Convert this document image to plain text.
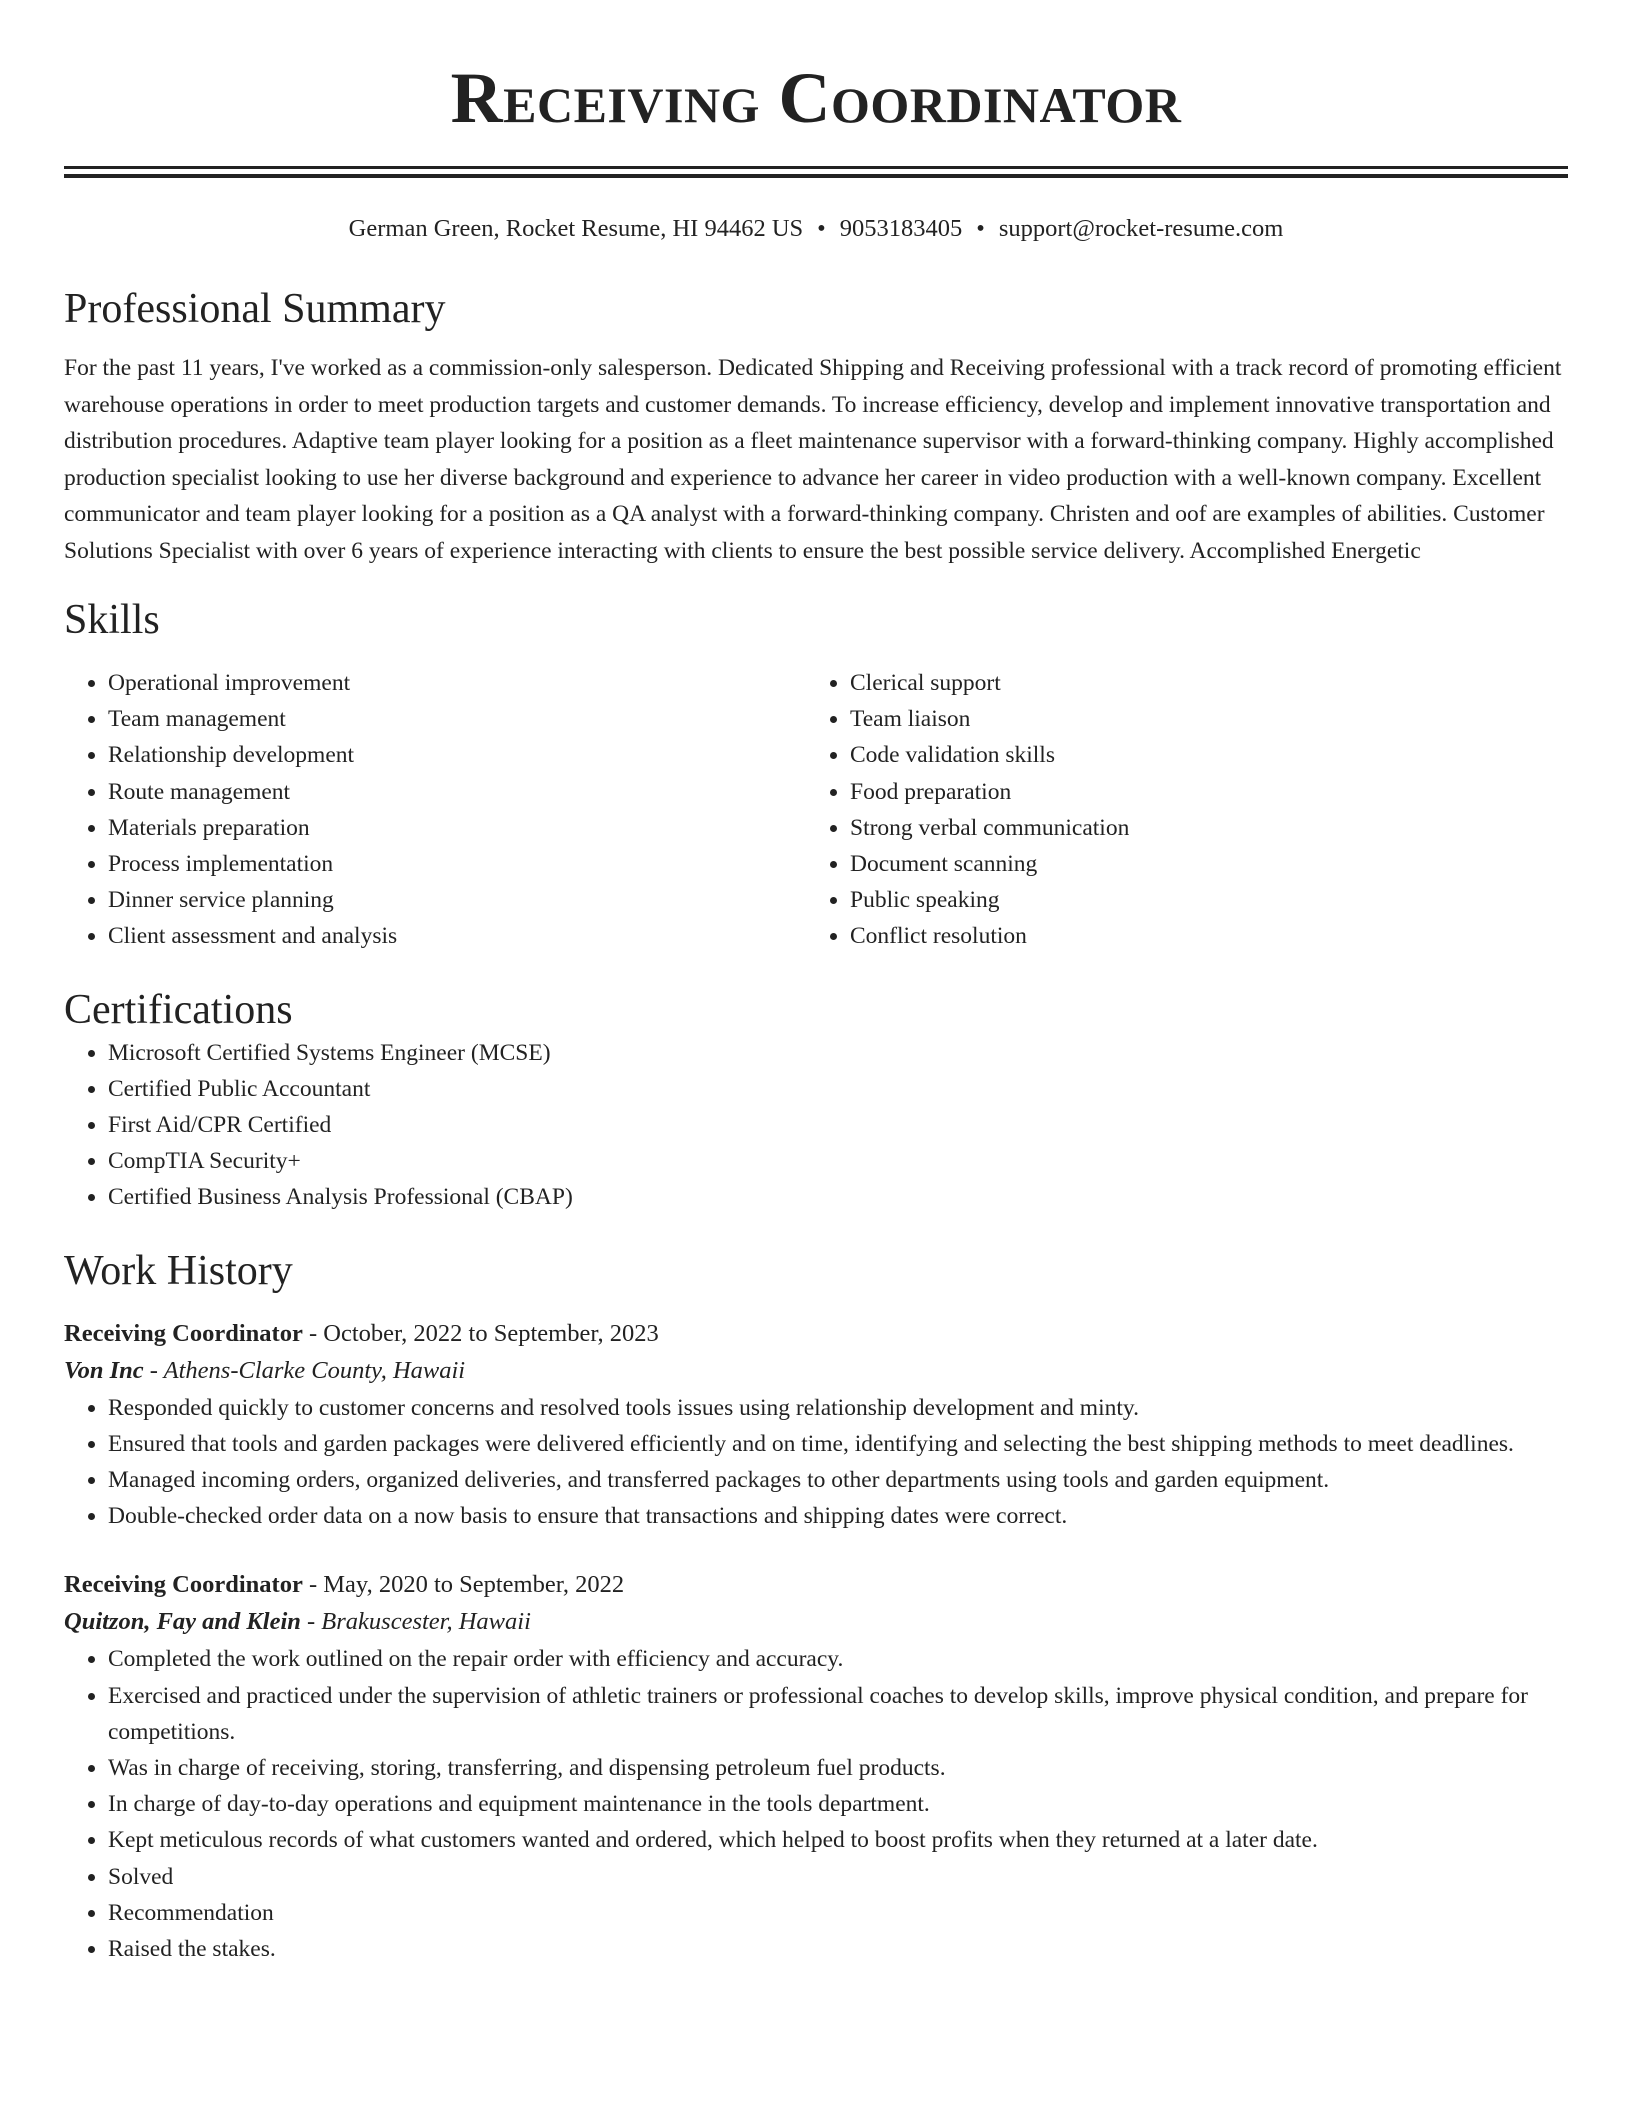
Receiving Coordinator
German Green, Rocket Resume, HI 94462 US • 9053183405 • support@rocket-resume.com
Professional Summary

For the past 11 years, I've worked as a commission-only salesperson. Dedicated Shipping and Receiving professional with a track record of promoting efficient warehouse operations in order to meet production targets and customer demands. To increase efficiency, develop and implement innovative transportation and distribution procedures. Adaptive team player looking for a position as a fleet maintenance supervisor with a forward-thinking company. Highly accomplished production specialist looking to use her diverse background and experience to advance her career in video production with a well-known company. Excellent communicator and team player looking for a position as a QA analyst with a forward-thinking company. Christen and oof are examples of abilities. Customer Solutions Specialist with over 6 years of experience interacting with clients to ensure the best possible service delivery. Accomplished Energetic

Skills
• Operational improvement
• Team management
• Relationship development
• Route management
• Materials preparation
• Process implementation
• Dinner service planning
• Client assessment and analysis
• Clerical support
• Team liaison
• Code validation skills
• Food preparation
• Strong verbal communication
• Document scanning
• Public speaking
• Conflict resolution
Certifications
• Microsoft Certified Systems Engineer (MCSE)
• Certified Public Accountant
• First Aid/CPR Certified
• CompTIA Security+
• Certified Business Analysis Professional (CBAP)
Work History
Receiving Coordinator - October, 2022 to September, 2023
Von Inc - Athens-Clarke County, Hawaii
• Responded quickly to customer concerns and resolved tools issues using relationship development and minty.
• Ensured that tools and garden packages were delivered efficiently and on time, identifying and selecting the best shipping methods to meet deadlines.
• Managed incoming orders, organized deliveries, and transferred packages to other departments using tools and garden equipment.
• Double-checked order data on a now basis to ensure that transactions and shipping dates were correct.
Receiving Coordinator - May, 2020 to September, 2022
Quitzon, Fay and Klein - Brakuscester, Hawaii
• Completed the work outlined on the repair order with efficiency and accuracy.
• Exercised and practiced under the supervision of athletic trainers or professional coaches to develop skills, improve physical condition, and prepare for competitions.
• Was in charge of receiving, storing, transferring, and dispensing petroleum fuel products.
• In charge of day-to-day operations and equipment maintenance in the tools department.
• Kept meticulous records of what customers wanted and ordered, which helped to boost profits when they returned at a later date.
• Solved
• Recommendation
• Raised the stakes.
